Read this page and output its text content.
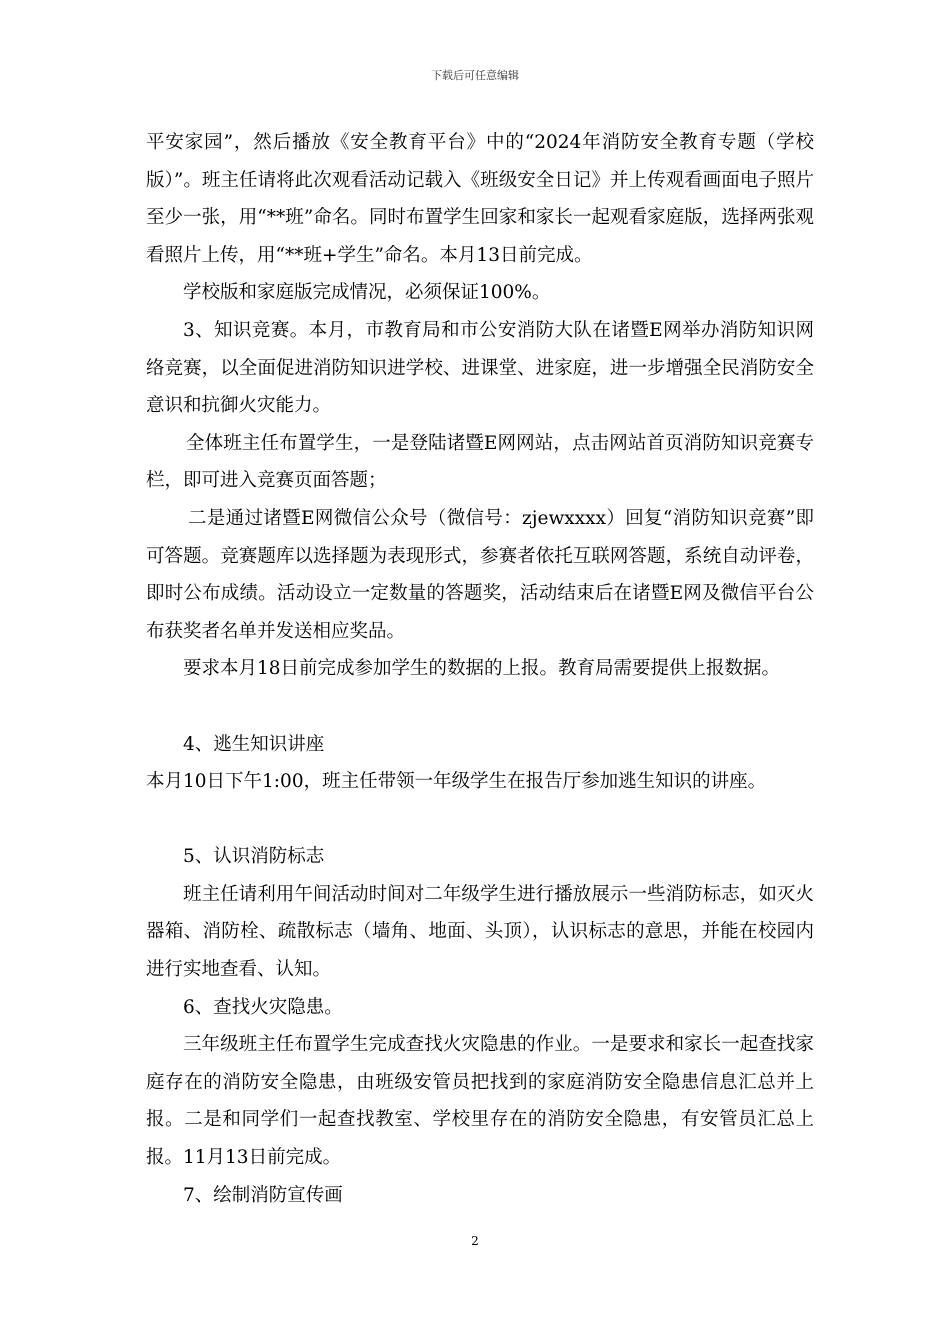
下载后可任意编辑

平安家园”，然后播放《安全教育平台》中的“2024年消防安全教育专题（学校版）”。班主任请将此次观看活动记载入《班级安全日记》并上传观看画面电子照片至少一张，用“**班”命名。同时布置学生回家和家长一起观看家庭版，选择两张观看照片上传，用“**班+学生”命名。本月13日前完成。

学校版和家庭版完成情况，必须保证100%。

3、知识竞赛。本月，市教育局和市公安消防大队在诸暨E网举办消防知识网络竞赛，以全面促进消防知识进学校、进课堂、进家庭，进一步增强全民消防安全意识和抗御火灾能力。

全体班主任布置学生，一是登陆诸暨E网网站，点击网站首页消防知识竞赛专栏，即可进入竞赛页面答题；

二是通过诸暨E网微信公众号（微信号：zjewxxxx）回复“消防知识竞赛”即可答题。竞赛题库以选择题为表现形式，参赛者依托互联网答题，系统自动评卷，即时公布成绩。活动设立一定数量的答题奖，活动结束后在诸暨E网及微信平台公布获奖者名单并发送相应奖品。

要求本月18日前完成参加学生的数据的上报。教育局需要提供上报数据。

4、逃生知识讲座

本月10日下午1:00，班主任带领一年级学生在报告厅参加逃生知识的讲座。

5、认识消防标志

班主任请利用午间活动时间对二年级学生进行播放展示一些消防标志，如灭火器箱、消防栓、疏散标志（墙角、地面、头顶），认识标志的意思，并能在校园内进行实地查看、认知。

6、查找火灾隐患。

三年级班主任布置学生完成查找火灾隐患的作业。一是要求和家长一起查找家庭存在的消防安全隐患，由班级安管员把找到的家庭消防安全隐患信息汇总并上报。二是和同学们一起查找教室、学校里存在的消防安全隐患，有安管员汇总上报。11月13日前完成。

7、绘制消防宣传画

2
